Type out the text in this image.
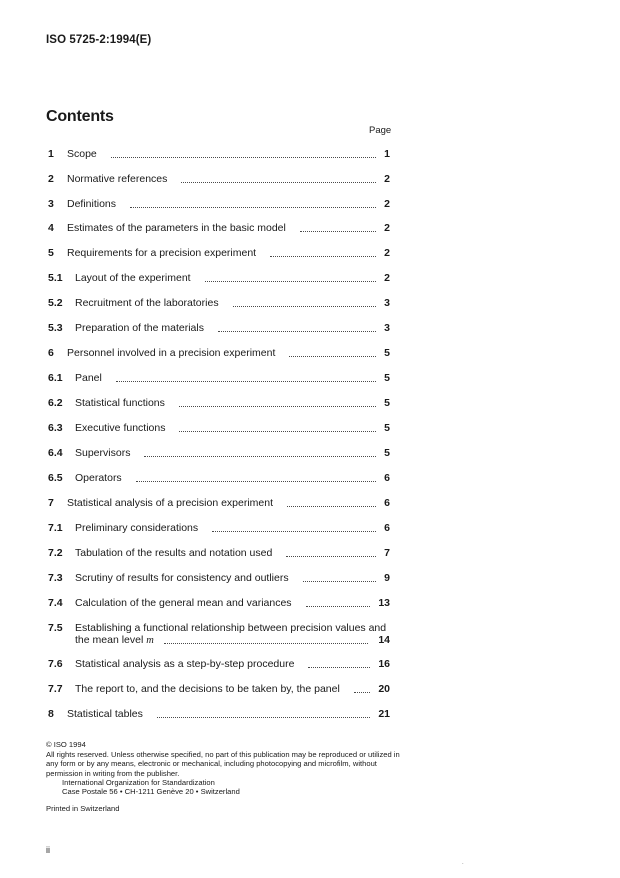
ISO 5725-2:1994(E)
Contents
Page
1 Scope	1
2 Normative references	2
3 Definitions	2
4 Estimates of the parameters in the basic model	2
5 Requirements for a precision experiment	2
5.1 Layout of the experiment	2
5.2 Recruitment of the laboratories	3
5.3 Preparation of the materials	3
6 Personnel involved in a precision experiment	5
6.1 Panel	5
6.2 Statistical functions	5
6.3 Executive functions	5
6.4 Supervisors	5
6.5 Operators	6
7 Statistical analysis of a precision experiment	6
7.1 Preliminary considerations	6
7.2 Tabulation of the results and notation used	7
7.3 Scrutiny of results for consistency and outliers	9
7.4 Calculation of the general mean and variances	13
7.5 Establishing a functional relationship between precision values and
the mean level m	14
7.6 Statistical analysis as a step-by-step procedure	16
7.7 The report to, and the decisions to be taken by, the panel	20
8 Statistical tables	21
© ISO 1994
All rights reserved. Unless otherwise specified, no part of this publication may be reproduced or utilized in any form or by any means, electronic or mechanical, including photocopying and microfilm, without permission in writing from the publisher.
International Organization for Standardization
Case Postale 56 • CH-1211 Genève 20 • Switzerland
Printed in Switzerland
ii
.
